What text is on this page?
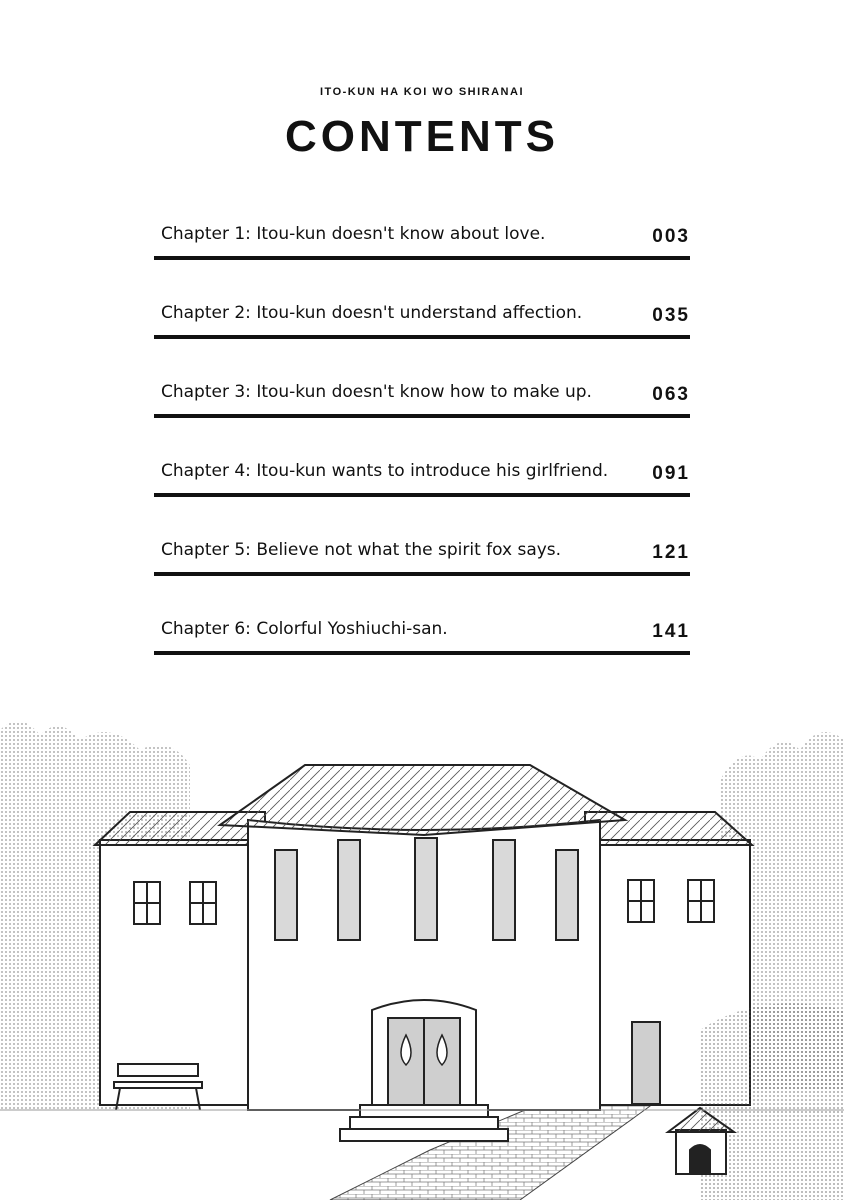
ITO-KUN HA KOI WO SHIRANAI
CONTENTS
Chapter 1: Itou-kun doesn't know about love.	003
Chapter 2: Itou-kun doesn't understand affection.	035
Chapter 3: Itou-kun doesn't know how to make up.	063
Chapter 4: Itou-kun wants to introduce his girlfriend. 091
Chapter 5: Believe not what the spirit fox says.	121
Chapter 6: Colorful Yoshiuchi-san.	141
